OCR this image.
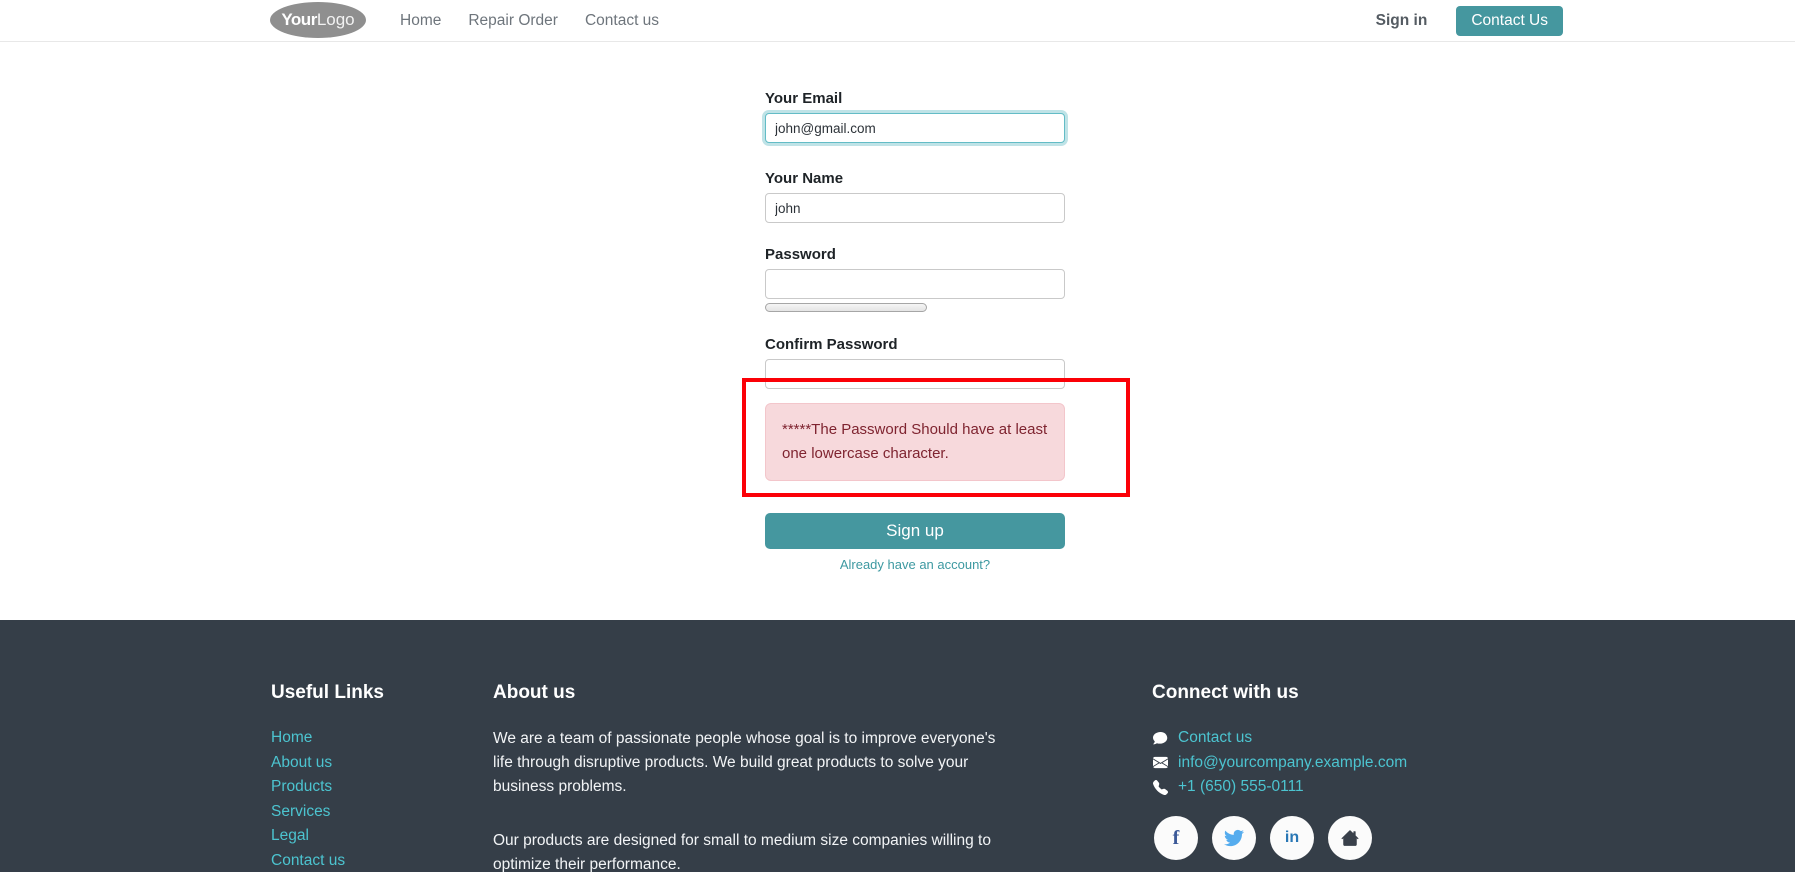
Your Logo	Home Repair Order Contact us	Sign in	Contact Us
Your Email
john@gmail.com
Your Name
john
Password
Confirm Password
*****The Password Should have at least one lowercase character.
Sign up
Already have an account?
Useful Links
Home
About us
Products
Services
Legal
Contact us
About us

We are a team of passionate people whose goal is to improve everyone's life through disruptive products. We build great products to solve your business problems.

Our products are designed for small to medium size companies willing to optimize their performance.

Connect with us
Contact us
info@yourcompany.example.com
+1 (650) 555-0111
f	in
